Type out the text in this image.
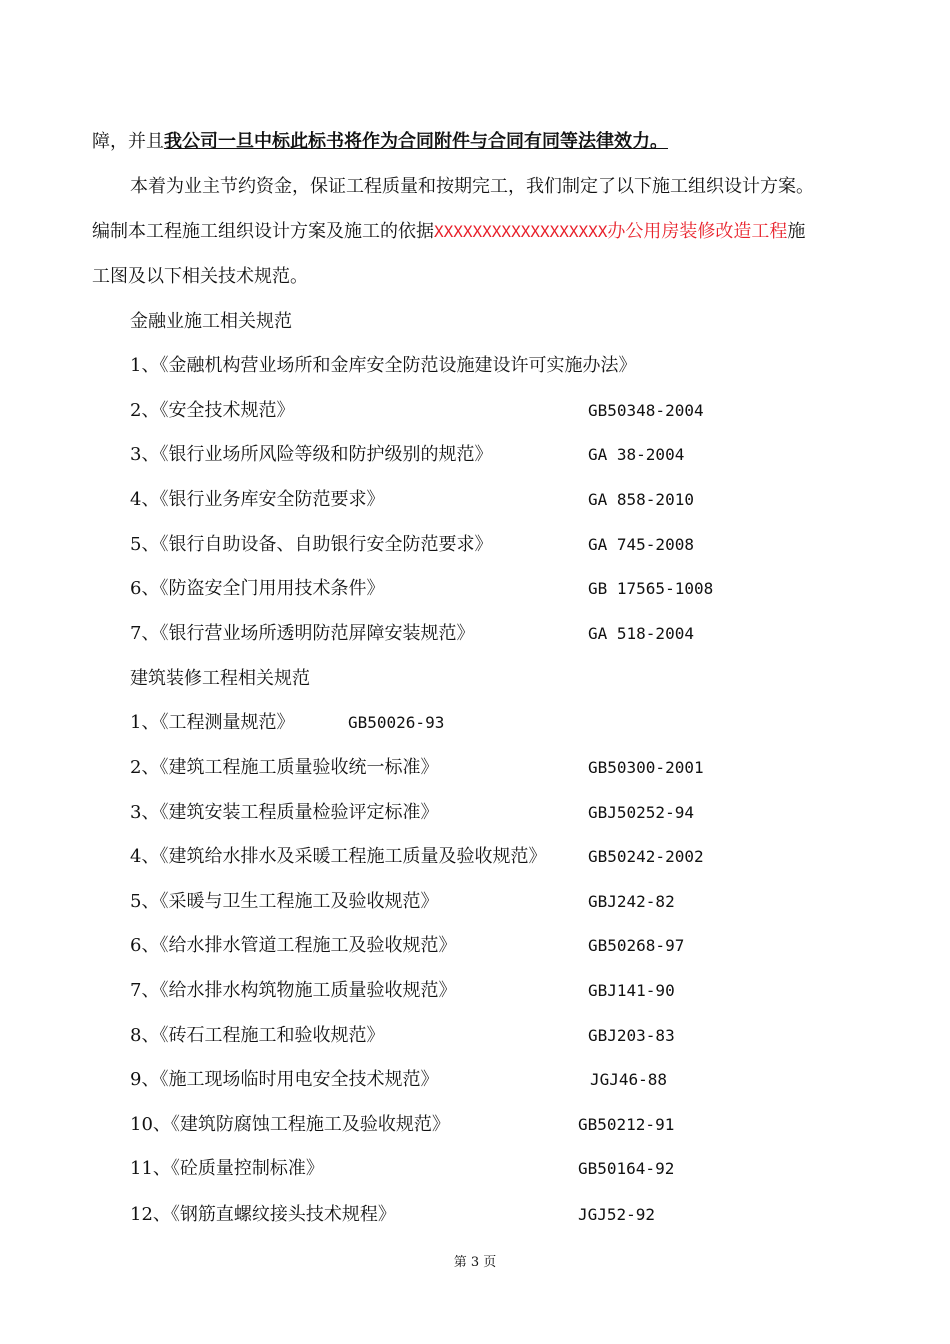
障，并且我公司一旦中标此标书将作为合同附件与合同有同等法律效力。
本着为业主节约资金，保证工程质量和按期完工，我们制定了以下施工组织设计方案。
编制本工程施工组织设计方案及施工的依据XXXXXXXXXXXXXXXXXX办公用房装修改造工程施
工图及以下相关技术规范。
金融业施工相关规范
1、《金融机构营业场所和金库安全防范设施建设许可实施办法》
2、《安全技术规范》	GB50348-2004
3、《银行业场所风险等级和防护级别的规范》	GA 38-2004
4、《银行业务库安全防范要求》	GA 858-2010
5、《银行自助设备、自助银行安全防范要求》	GA 745-2008
6、《防盗安全门用用技术条件》	GB 17565-1008
7、《银行营业场所透明防范屏障安装规范》	GA 518-2004
建筑装修工程相关规范
1、《工程测量规范》	GB50026-93
2、《建筑工程施工质量验收统一标准》	GB50300-2001
3、《建筑安装工程质量检验评定标准》	GBJ50252-94
4、《建筑给水排水及采暖工程施工质量及验收规范》	GB50242-2002
5、《采暖与卫生工程施工及验收规范》	GBJ242-82
6、《给水排水管道工程施工及验收规范》	GB50268-97
7、《给水排水构筑物施工质量验收规范》	GBJ141-90
8、《砖石工程施工和验收规范》	GBJ203-83
9、《施工现场临时用电安全技术规范》	JGJ46-88
10、《建筑防腐蚀工程施工及验收规范》	GB50212-91
11、《砼质量控制标准》	GB50164-92
12、《钢筋直螺纹接头技术规程》	JGJ52-92
第 3 页
